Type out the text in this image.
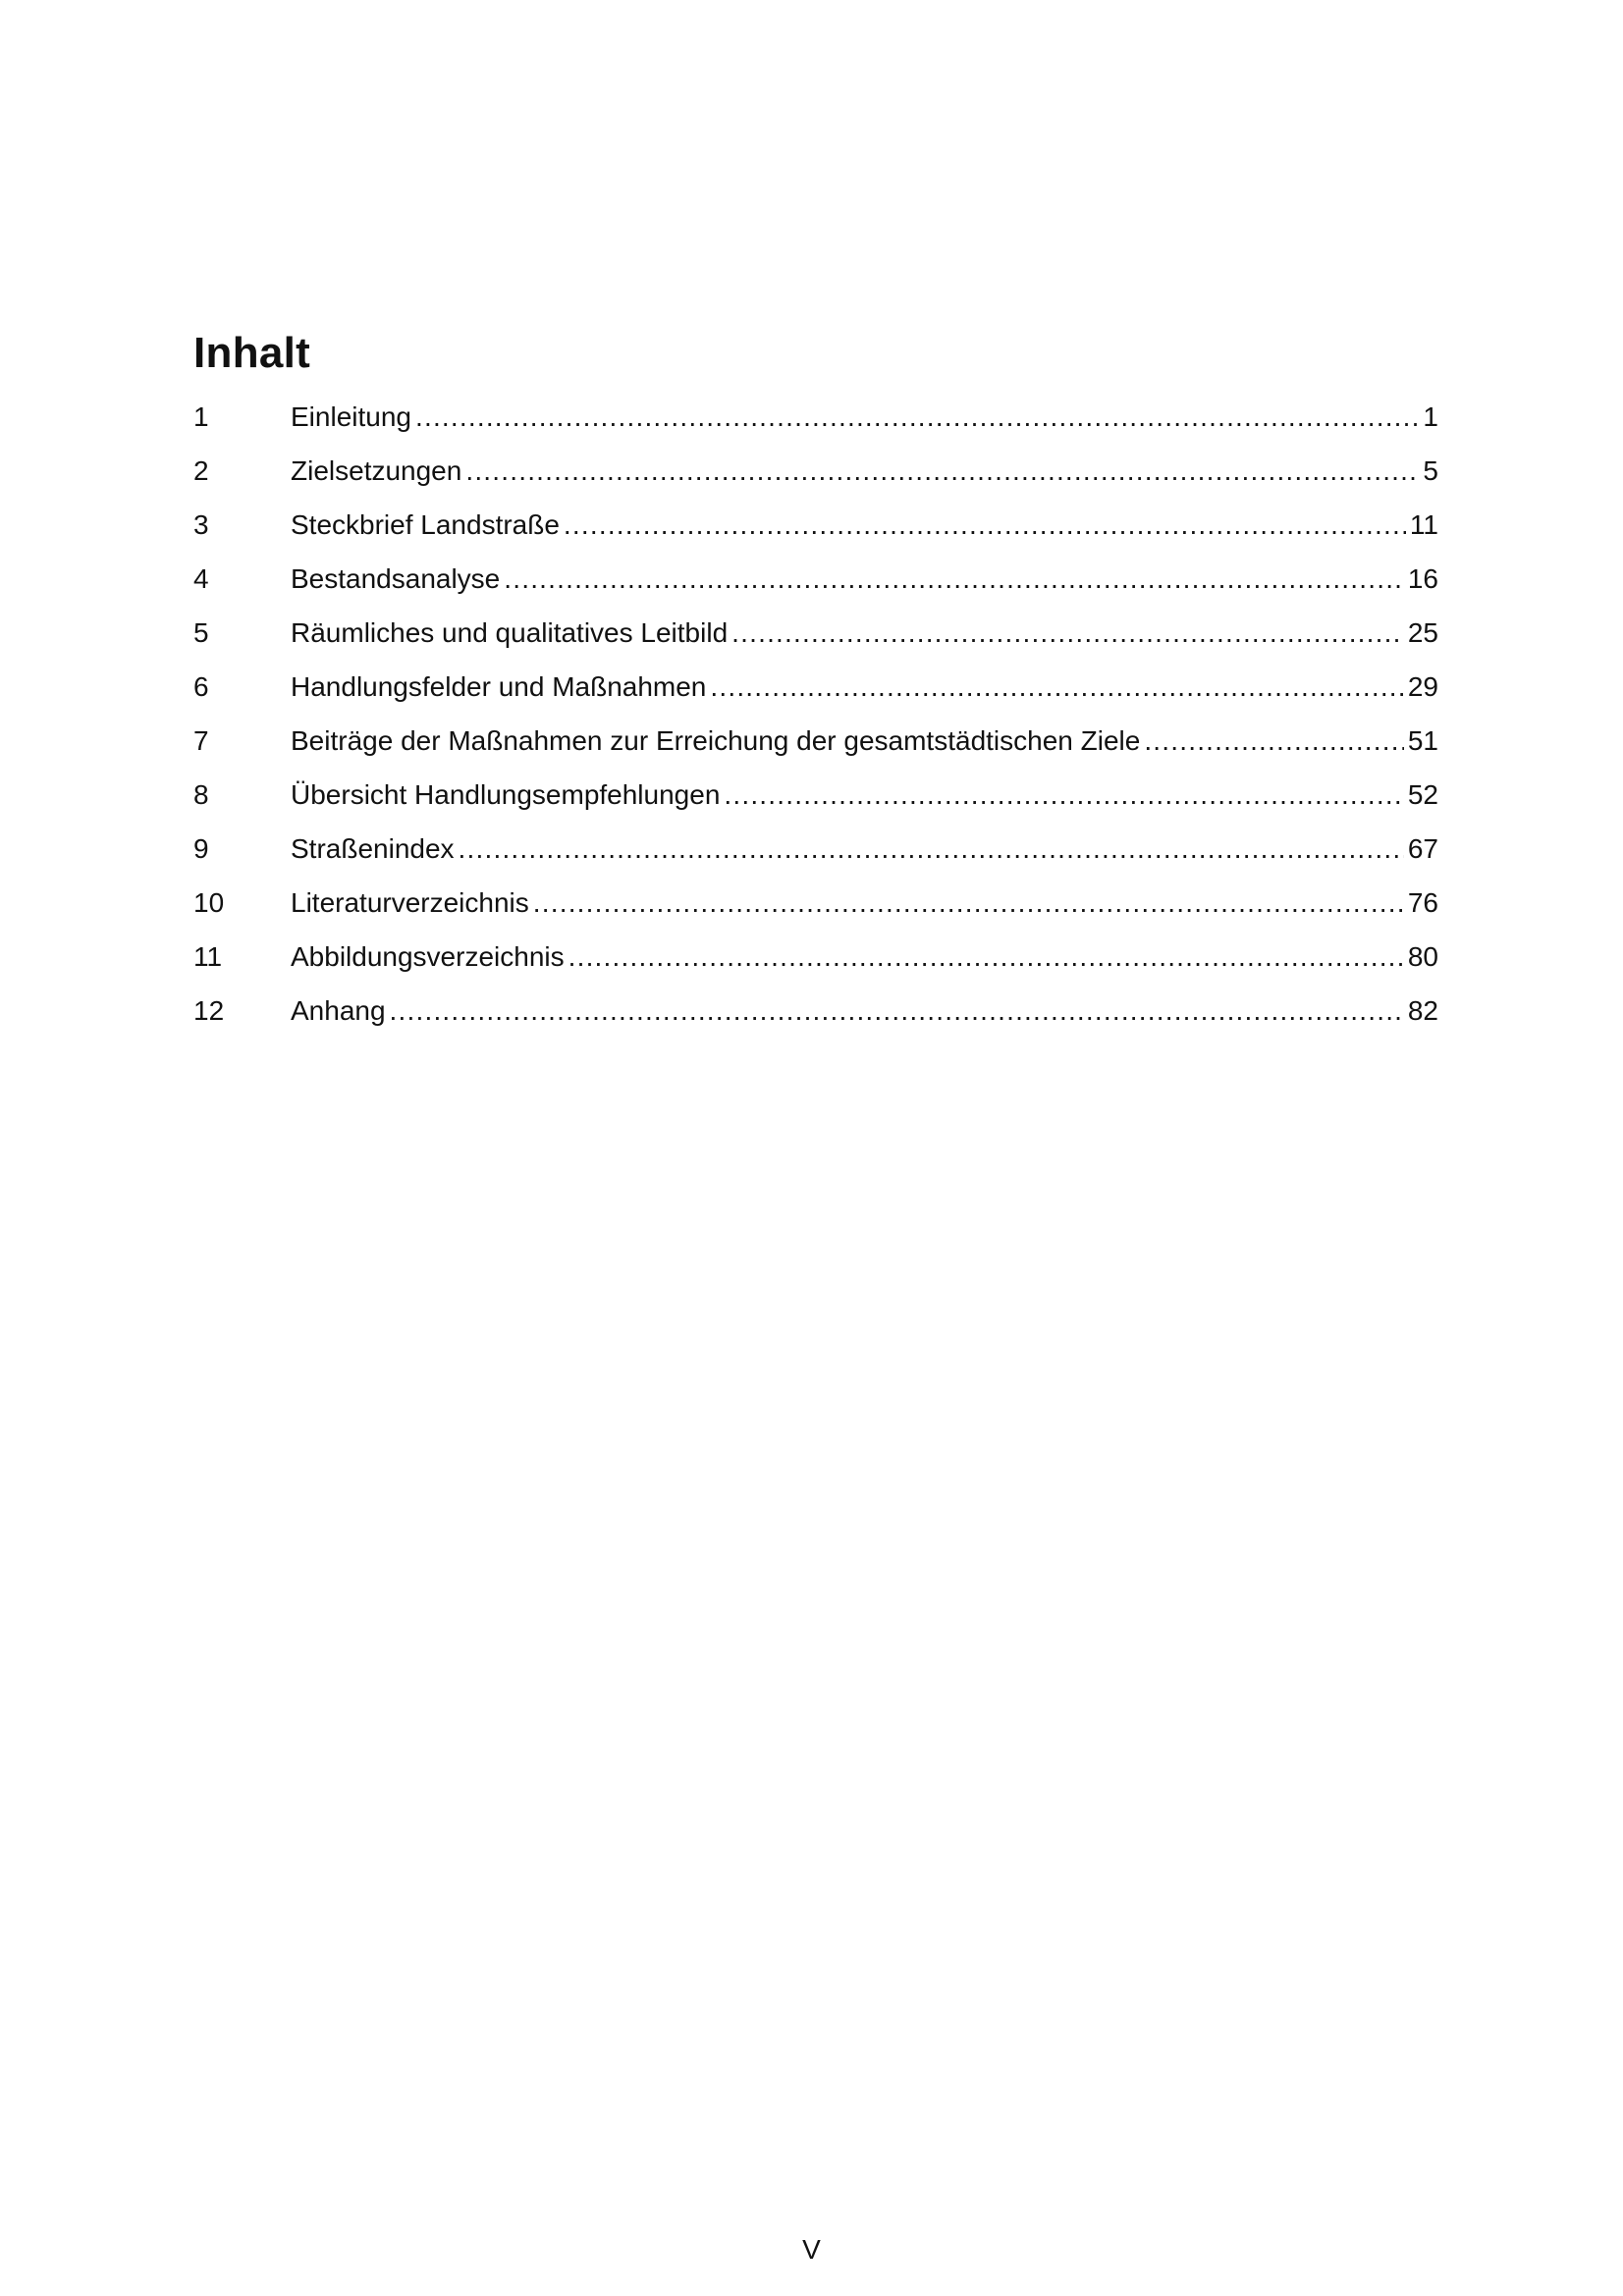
Inhalt
1	Einleitung .....	1
2	Zielsetzungen .....	5
3	Steckbrief Landstraße .....	11
4	Bestandsanalyse .....	16
5	Räumliches und qualitatives Leitbild .....	25
6	Handlungsfelder und Maßnahmen .....	29
7	Beiträge der Maßnahmen zur Erreichung der gesamtstädtischen Ziele .....	51
8	Übersicht Handlungsempfehlungen .....	52
9	Straßenindex .....	67
10	Literaturverzeichnis .....	76
11	Abbildungsverzeichnis .....	80
12	Anhang .....	82
V
